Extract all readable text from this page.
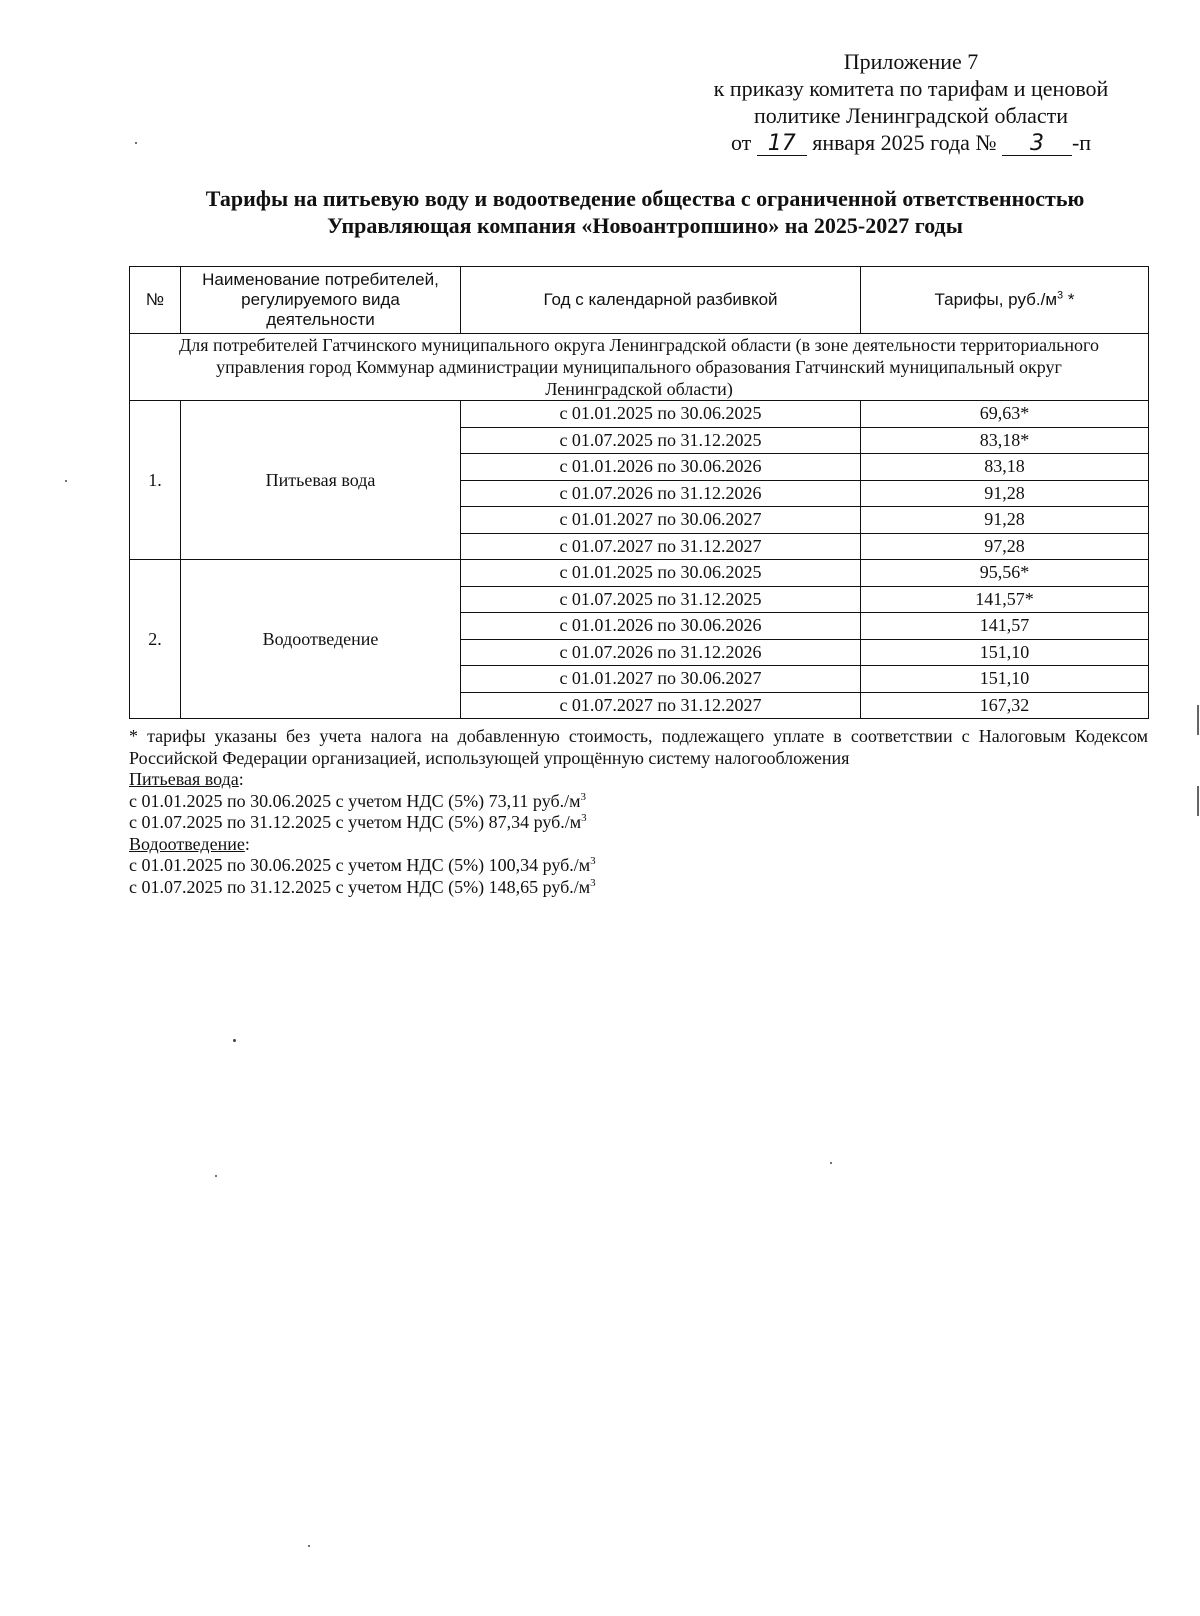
Приложение 7
к приказу комитета по тарифам и ценовой
политике Ленинградской области
от 17 января 2025 года № 3 -п
Тарифы на питьевую воду и водоотведение общества с ограниченной ответственностью
Управляющая компания «Новоантропшино» на 2025-2027 годы
№	Наименование потребителей, регулируемого вида деятельности	Год с календарной разбивкой	Тарифы, $руб./м^3$ *
Для потребителей Гатчинского муниципального округа Ленинградской области (в зоне деятельности территориального управления город Коммунар администрации муниципального образования Гатчинский муниципальный округ Ленинградской области)			
1.	Питьевая вода	с 01.01.2025 по 30.06.2025	69,63*
		с 01.07.2025 по 31.12.2025	83,18*
		с 01.01.2026 по 30.06.2026	83,18
		с 01.07.2026 по 31.12.2026	91,28
		с 01.01.2027 по 30.06.2027	91,28
		с 01.07.2027 по 31.12.2027	97,28
2.	Водоотведение	с 01.01.2025 по 30.06.2025	95,56*
		с 01.07.2025 по 31.12.2025	141,57*
		с 01.01.2026 по 30.06.2026	141,57
		с 01.07.2026 по 31.12.2026	151,10
		с 01.01.2027 по 30.06.2027	151,10
		с 01.07.2027 по 31.12.2027	167,32
* тарифы указаны без учета налога на добавленную стоимость, подлежащего уплате в соответствии с Налоговым Кодексом Российской Федерации организацией, использующей упрощённую систему налогообложения
Питьевая вода:
с 01.01.2025 по 30.06.2025 с учетом НДС (5%) 73,11 $руб./м^3$
с 01.07.2025 по 31.12.2025 с учетом НДС (5%) 87,34 $руб./м^3$
Водоотведение:
с 01.01.2025 по 30.06.2025 с учетом НДС (5%) 100,34 $руб./м^3$
с 01.07.2025 по 31.12.2025 с учетом НДС (5%) 148,65 $руб./м^3$
